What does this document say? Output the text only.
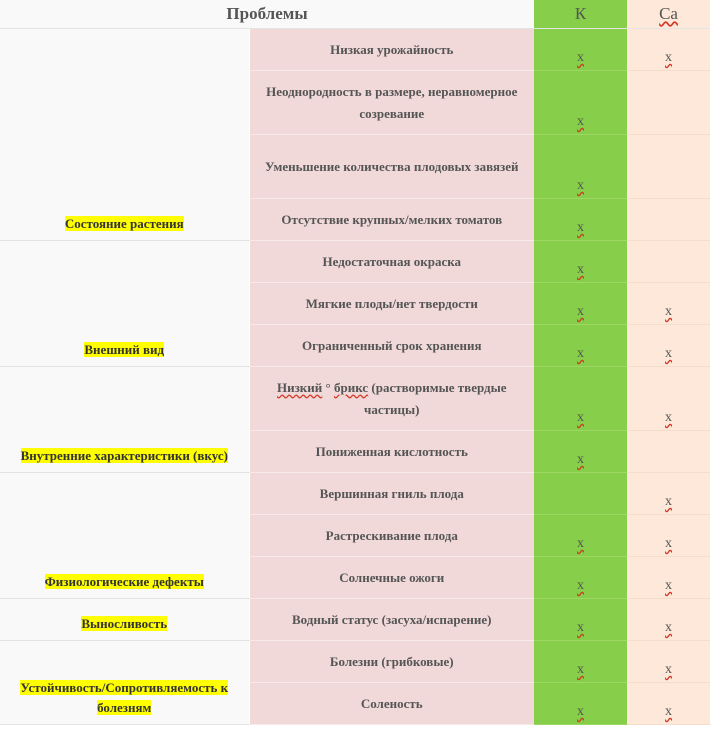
Проблемы		К	Ca
Состояние растения	Низкая урожайность	x	x
	Неоднородность в размере, неравномерное созревание	x	
	Уменьшение количества плодовых завязей	x	
	Отсутствие крупных/мелких томатов	x	
Внешний вид	Недостаточная окраска	x	
	Мягкие плоды/нет твердости	x	x
	Ограниченный срок хранения	x	x
Внутренние характеристики (вкус)	Низкий ° брикс (растворимые твердые частицы)	x	x
	Пониженная кислотность	x	
Физиологические дефекты	Вершинная гниль плода		x
	Растрескивание плода	x	x
	Солнечные ожоги	x	x
Выносливость	Водный статус (засуха/испарение)	x	x
Устойчивость/Сопротивляемость к болезням	Болезни (грибковые)	x	x
	Соленость	x	x
